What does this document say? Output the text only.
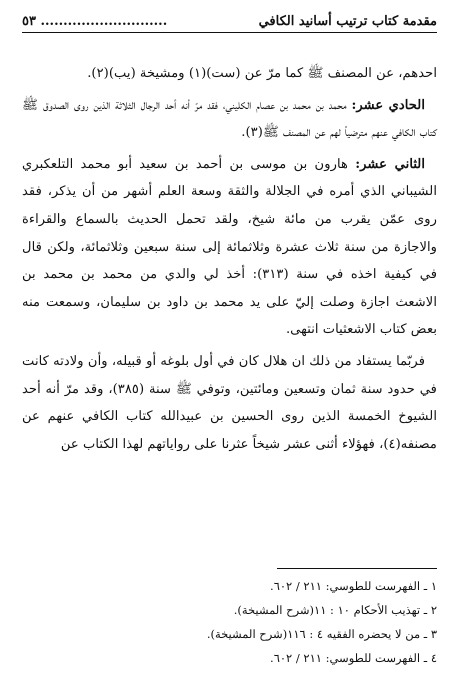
مقدمة كتاب ترتيب أسانيد الكافي
٥٣ ............................

احدهم، عن المصنف ﷺ كما مرّ عن (ست)(١) ومشيخة (يب)(٢).

الحادي عشر: محمد بن محمد بن عصام الكليني، فقد مرّ أنه أحد الرجال الثلاثة الذين روى الصدوق ﷺ كتاب الكافي عنهم مترضياً لهم عن المصنف ﷺ(٣).

الثاني عشر: هارون بن موسى بن أحمد بن سعيد أبو محمد التلعكبري الشيباني الذي أمره في الجلالة والثقة وسعة العلم أشهر من أن يذكر، فقد روى عمّن يقرب من مائة شيخ، ولقد تحمل الحديث بالسماع والقراءة والاجازة من سنة ثلاث عشرة وثلاثمائة إلى سنة سبعين وثلاثمائة، ولكن قال في كيفية اخذه في سنة (٣١٣): أخذ لي والدي من محمد بن محمد بن الاشعث اجازة وصلت إليّ على يد محمد بن داود بن سليمان، وسمعت منه بعض كتاب الاشعثيات انتهى.

فربّما يستفاد من ذلك ان هلال كان في أول بلوغه أو قبيله، وأن ولادته كانت في حدود سنة ثمان وتسعين ومائتين، وتوفي ﷺ سنة (٣٨٥)، وقد مرّ أنه أحد الشيوخ الخمسة الذين روى الحسين بن عبيدالله كتاب الكافي عنهم عن مصنفه(٤)، فهؤلاء أثنى عشر شيخاً عثرنا على رواياتهم لهذا الكتاب عن

١ ـ الفهرست للطوسي: ٢١١ / ٦٠٢.
٢ ـ تهذيب الأحكام ١٠ : ١١(شرح المشيخة).
٣ ـ من لا يحضره الفقيه ٤ : ١١٦(شرح المشيخة).
٤ ـ الفهرست للطوسي: ٢١١ / ٦٠٢.
